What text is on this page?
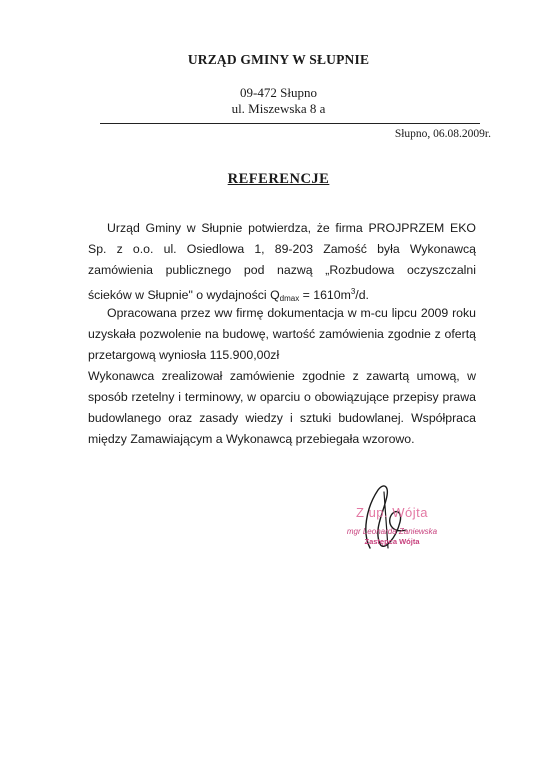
URZĄD GMINY W SŁUPNIE
09-472 Słupno
ul. Miszewska 8 a
Słupno, 06.08.2009r.
REFERENCJE
Urząd Gminy w Słupnie potwierdza, że firma PROJPRZEM EKO Sp. z o.o. ul. Osiedlowa 1, 89-203 Zamość była Wykonawcą zamówienia publicznego pod nazwą „Rozbudowa oczyszczalni ścieków w Słupnie" o wydajności $Qdmax = 1610m^3/d$.
Opracowana przez ww firmę dokumentacja w m-cu lipcu 2009 roku uzyskała pozwolenie na budowę, wartość zamówienia zgodnie z ofertą przetargową wyniosła 115.900,00zł
Wykonawca zrealizował zamówienie zgodnie z zawartą umową, w sposób rzetelny i terminowy, w oparciu o obowiązujące przepisy prawa budowlanego oraz zasady wiedzy i sztuki budowlanej. Współpraca między Zamawiającym a Wykonawcą przebiegała wzorowo.
Z up. Wójta
mgr Leonarda Zaniewska
Zastępca Wójta
